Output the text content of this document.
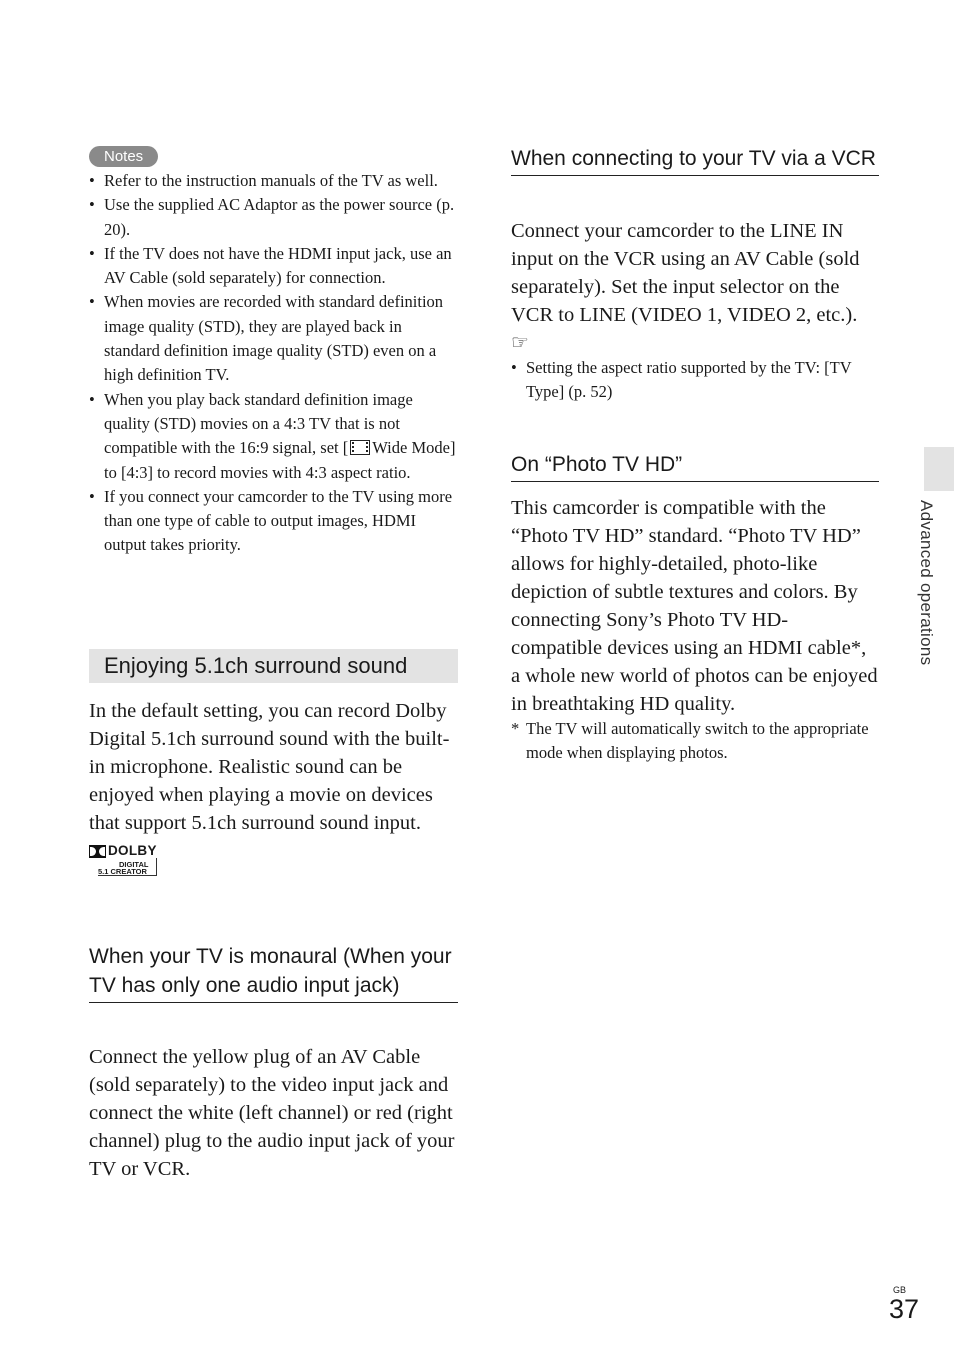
Notes
• Refer to the instruction manuals of the TV as well.
• Use the supplied AC Adaptor as the power source (p. 20).
• If the TV does not have the HDMI input jack, use an AV Cable (sold separately) for connection.
• When movies are recorded with standard definition image quality (STD), they are played back in standard definition image quality (STD) even on a high definition TV.
• When you play back standard definition image quality (STD) movies on a 4:3 TV that is not compatible with the 16:9 signal, set [ Wide Mode] to [4:3] to record movies with 4:3 aspect ratio.
• If you connect your camcorder to the TV using more than one type of cable to output images, HDMI output takes priority.
Enjoying 5.1ch surround sound

In the default setting, you can record Dolby Digital 5.1ch surround sound with the built-in microphone. Realistic sound can be enjoyed when playing a movie on devices that support 5.1ch surround sound input.

DOLBY
DIGITAL
5.1 CREATOR
When your TV is monaural (When your TV has only one audio input jack)

Connect the yellow plug of an AV Cable (sold separately) to the video input jack and connect the white (left channel) or red (right channel) plug to the audio input jack of your TV or VCR.

When connecting to your TV via a VCR

Connect your camcorder to the LINE IN input on the VCR using an AV Cable (sold separately). Set the input selector on the VCR to LINE (VIDEO 1, VIDEO 2, etc.).
☞

• Setting the aspect ratio supported by the TV: [TV Type] (p. 52)
On “Photo TV HD”

This camcorder is compatible with the “Photo TV HD” standard. “Photo TV HD” allows for highly-detailed, photo-like depiction of subtle textures and colors. By connecting Sony’s Photo TV HD-compatible devices using an HDMI cable*, a whole new world of photos can be enjoyed in breathtaking HD quality.

* The TV will automatically switch to the appropriate mode when displaying photos.
Advanced operations
GB
37
